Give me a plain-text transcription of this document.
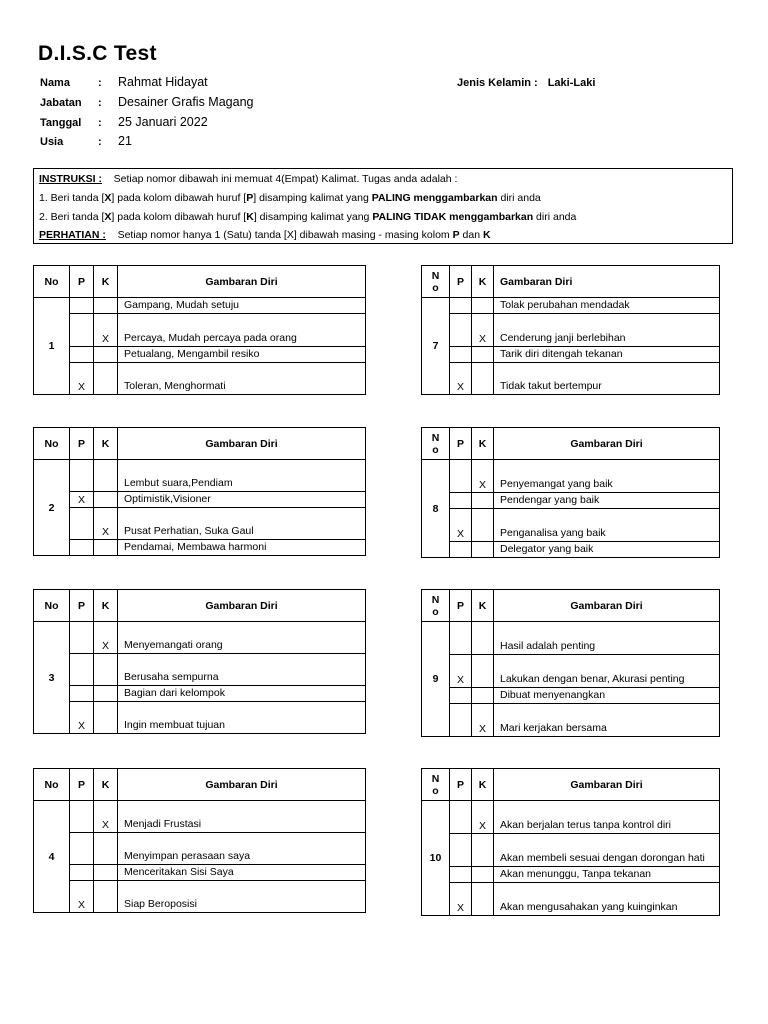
D.I.S.C Test
Nama	: Rahmat Hidayat
Jabatan : Desainer Grafis Magang
Tanggal : 25 Januari 2022
Usia	: 21
Jenis Kelamin : Laki-Laki
INSTRUKSI : Setiap nomor dibawah ini memuat 4(Empat) Kalimat. Tugas anda adalah :
1. Beri tanda [X] pada kolom dibawah huruf [P] disamping kalimat yang PALING menggambarkan diri anda
2. Beri tanda [X] pada kolom dibawah huruf [K] disamping kalimat yang PALING TIDAK menggambarkan diri anda
PERHATIAN : Setiap nomor hanya 1 (Satu) tanda [X] dibawah masing - masing kolom P dan K
No	P	K	Gambaran Diri
1			Gampang, Mudah setuju
		X	Percaya, Mudah percaya pada orang
			Petualang, Mengambil resiko
	X		Toleran, Menghormati
N
o	P	K	Gambaran Diri
7			Tolak perubahan mendadak
		X	Cenderung janji berlebihan
			Tarik diri ditengah tekanan
	X		Tidak takut bertempur
No	P	K	Gambaran Diri
2			Lembut suara,Pendiam
	X		Optimistik,Visioner
		X	Pusat Perhatian, Suka Gaul
			Pendamai, Membawa harmoni
N
o	P	K	Gambaran Diri
8		X	Penyemangat yang baik
			Pendengar yang baik
	X		Penganalisa yang baik
			Delegator yang baik
No	P	K	Gambaran Diri
3		X	Menyemangati orang
			Berusaha sempurna
			Bagian dari kelompok
	X		Ingin membuat tujuan
N
o	P	K	Gambaran Diri
9			Hasil adalah penting
	X		Lakukan dengan benar, Akurasi penting
			Dibuat menyenangkan
		X	Mari kerjakan bersama
No	P	K	Gambaran Diri
4		X	Menjadi Frustasi
			Menyimpan perasaan saya
			Menceritakan Sisi Saya
	X		Siap Beroposisi
N
o	P	K	Gambaran Diri
10		X	Akan berjalan terus tanpa kontrol diri
			Akan membeli sesuai dengan dorongan hati
			Akan menunggu, Tanpa tekanan
	X		Akan mengusahakan yang kuinginkan
